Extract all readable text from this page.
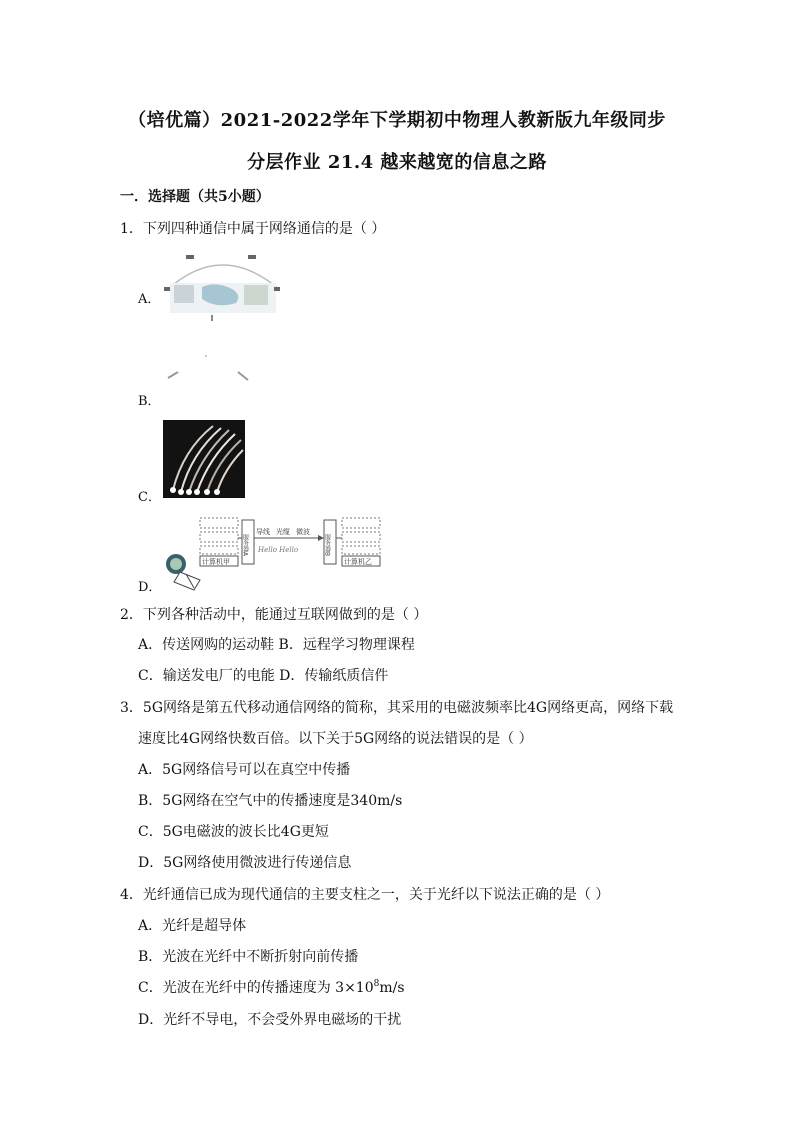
（培优篇）2021-2022学年下学期初中物理人教新版九年级同步
分层作业 21.4 越来越宽的信息之路
一．选择题（共5小题）
1．下列四种通信中属于网络通信的是（ ）
A．
B．
C．
D．
计算机甲
服务器A
导线 光缆 微波
Hello Hello	服务器B
计算机乙
2．下列各种活动中，能通过互联网做到的是（ ）
A．传送网购的运动鞋 B．远程学习物理课程
C．输送发电厂的电能 D．传输纸质信件
3．5G网络是第五代移动通信网络的简称，其采用的电磁波频率比4G网络更高，网络下载
速度比4G网络快数百倍。以下关于5G网络的说法错误的是（ ）
A．5G网络信号可以在真空中传播
B．5G网络在空气中的传播速度是340m/s
C．5G电磁波的波长比4G更短
D．5G网络使用微波进行传递信息
4．光纤通信已成为现代通信的主要支柱之一，关于光纤以下说法正确的是（ ）
A．光纤是超导体
B．光波在光纤中不断折射向前传播
C．光波在光纤中的传播速度为 $3\times 10^8m/s$
D．光纤不导电，不会受外界电磁场的干扰
